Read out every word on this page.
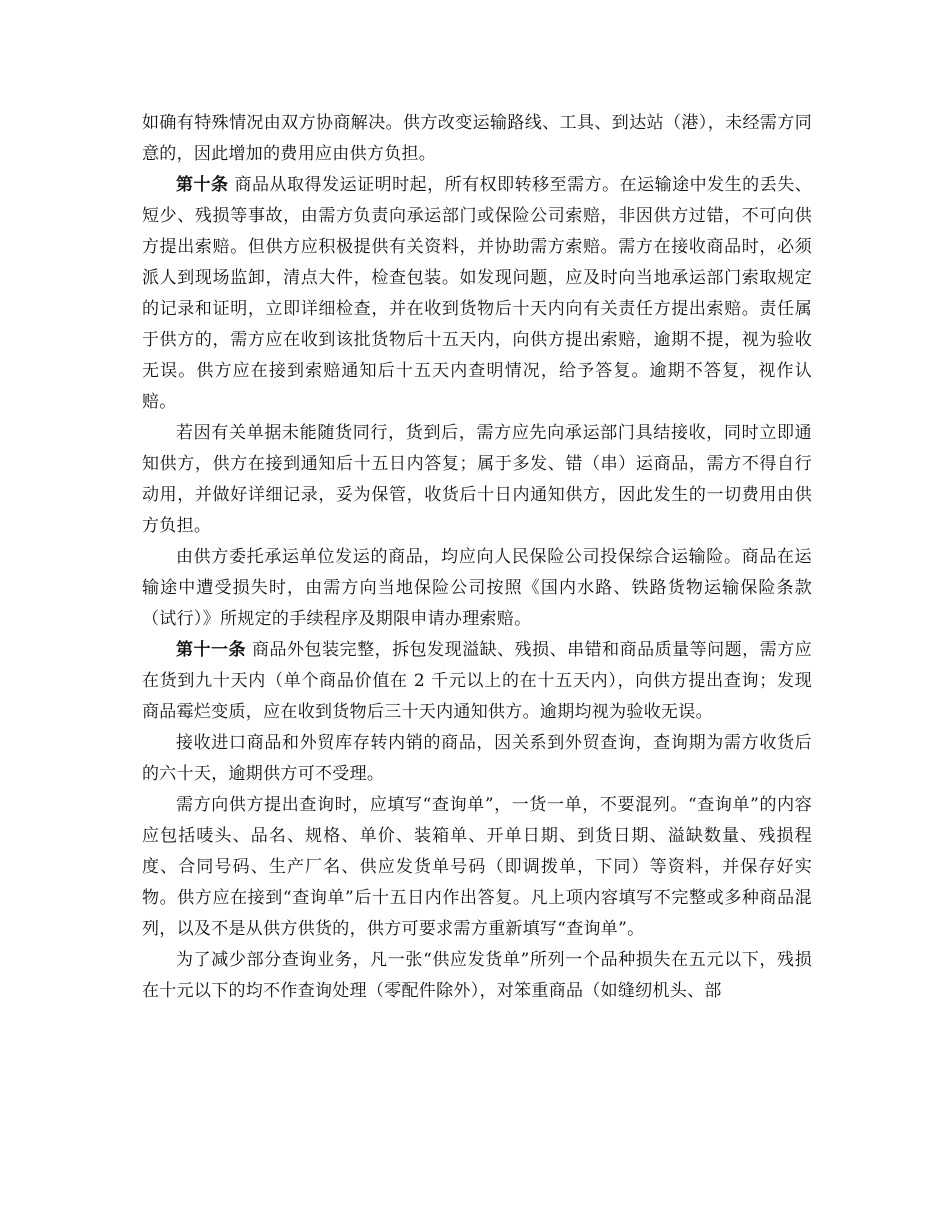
如确有特殊情况由双方协商解决。供方改变运输路线、工具、到达站（港），未经需方同意的，因此增加的费用应由供方负担。

第十条 商品从取得发运证明时起，所有权即转移至需方。在运输途中发生的丢失、短少、残损等事故，由需方负责向承运部门或保险公司索赔，非因供方过错，不可向供方提出索赔。但供方应积极提供有关资料，并协助需方索赔。需方在接收商品时，必须派人到现场监卸，清点大件，检查包装。如发现问题，应及时向当地承运部门索取规定的记录和证明，立即详细检查，并在收到货物后十天内向有关责任方提出索赔。责任属于供方的，需方应在收到该批货物后十五天内，向供方提出索赔，逾期不提，视为验收无误。供方应在接到索赔通知后十五天内查明情况，给予答复。逾期不答复，视作认赔。

若因有关单据未能随货同行，货到后，需方应先向承运部门具结接收，同时立即通知供方，供方在接到通知后十五日内答复；属于多发、错（串）运商品，需方不得自行动用，并做好详细记录，妥为保管，收货后十日内通知供方，因此发生的一切费用由供方负担。

由供方委托承运单位发运的商品，均应向人民保险公司投保综合运输险。商品在运输途中遭受损失时，由需方向当地保险公司按照《国内水路、铁路货物运输保险条款（试行）》所规定的手续程序及期限申请办理索赔。

第十一条 商品外包装完整，拆包发现溢缺、残损、串错和商品质量等问题，需方应在货到九十天内（单个商品价值在 2 千元以上的在十五天内），向供方提出查询；发现商品霉烂变质，应在收到货物后三十天内通知供方。逾期均视为验收无误。

接收进口商品和外贸库存转内销的商品，因关系到外贸查询，查询期为需方收货后的六十天，逾期供方可不受理。

需方向供方提出查询时，应填写“查询单”，一货一单，不要混列。“查询单”的内容应包括唛头、品名、规格、单价、装箱单、开单日期、到货日期、溢缺数量、残损程度、合同号码、生产厂名、供应发货单号码（即调拨单，下同）等资料，并保存好实物。供方应在接到“查询单”后十五日内作出答复。凡上项内容填写不完整或多种商品混列，以及不是从供方供货的，供方可要求需方重新填写“查询单”。

为了减少部分查询业务，凡一张“供应发货单”所列一个品种损失在五元以下，残损在十元以下的均不作查询处理（零配件除外），对笨重商品（如缝纫机头、部
